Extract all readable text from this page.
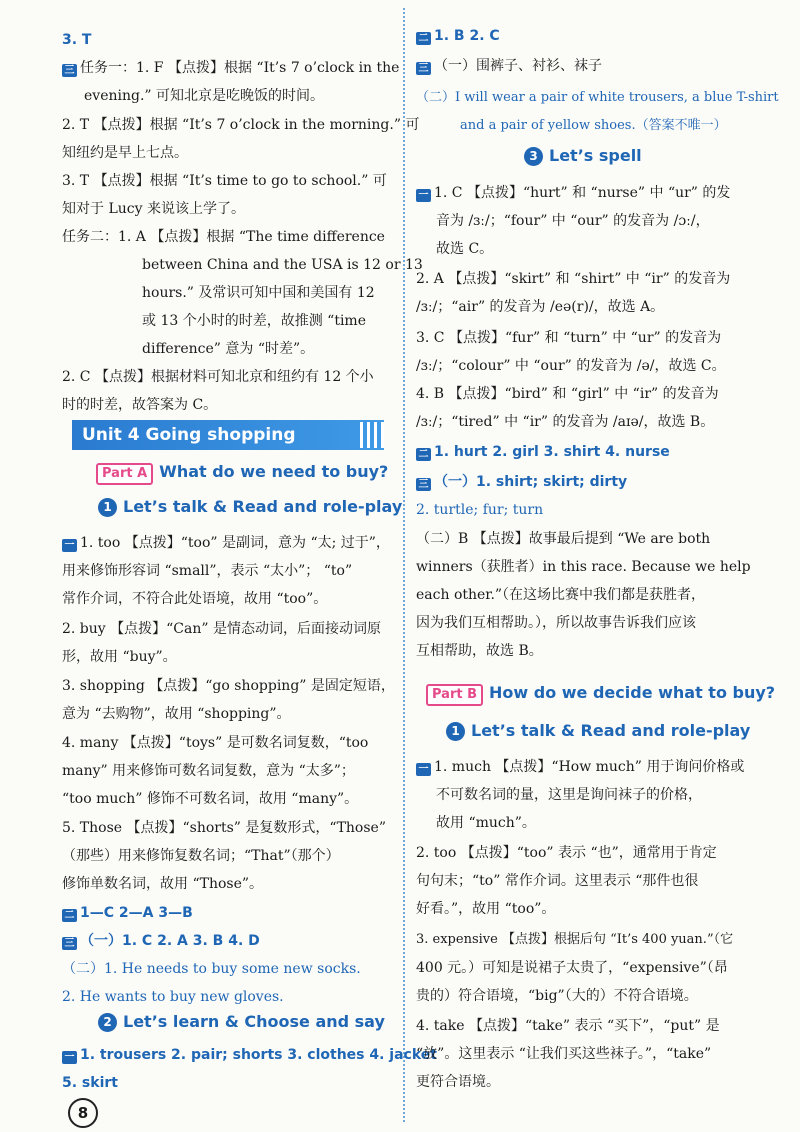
3. T
三 任务一：1. F 【点拨】根据 “It’s 7 o’clock in the
evening.” 可知北京是吃晚饭的时间。
2. T 【点拨】根据 “It’s 7 o’clock in the morning.” 可
知纽约是早上七点。
3. T 【点拨】根据 “It’s time to go to school.” 可
知对于 Lucy 来说该上学了。
任务二：1. A 【点拨】根据 “The time difference
between China and the USA is 12 or 13
hours.” 及常识可知中国和美国有 12
或 13 个小时的时差，故推测 “time
difference” 意为 “时差”。
2. C 【点拨】根据材料可知北京和纽约有 12 个小
时的时差，故答案为 C。
Unit 4 Going shopping
Part A What do we need to buy?
1 Let’s talk & Read and role-play
一 1. too 【点拨】“too” 是副词，意为 “太; 过于”，
用来修饰形容词 “small”，表示 “太小”； “to”
常作介词，不符合此处语境，故用 “too”。
2. buy 【点拨】“Can” 是情态动词，后面接动词原
形，故用 “buy”。
3. shopping 【点拨】“go shopping” 是固定短语，
意为 “去购物”，故用 “shopping”。
4. many 【点拨】“toys” 是可数名词复数，“too
many” 用来修饰可数名词复数，意为 “太多”；
“too much” 修饰不可数名词，故用 “many”。
5. Those 【点拨】“shorts” 是复数形式，“Those”
（那些）用来修饰复数名词；“That”（那个）
修饰单数名词，故用 “Those”。
二 1—C 2—A 3—B
三 （一）1. C 2. A 3. B 4. D
（二）1. He needs to buy some new socks.
2. He wants to buy new gloves.
2 Let’s learn & Choose and say
一 1. trousers 2. pair; shorts 3. clothes 4. jacket
5. skirt
二 1. B 2. C
三 （一）围裤子、衬衫、袜子
（二）I will wear a pair of white trousers, a blue T-shirt
and a pair of yellow shoes.（答案不唯一）
3 Let’s spell
一 1. C 【点拨】“hurt” 和 “nurse” 中 “ur” 的发
音为 /ɜː/；“four” 中 “our” 的发音为 /ɔː/，
故选 C。
2. A 【点拨】“skirt” 和 “shirt” 中 “ir” 的发音为
/ɜː/；“air” 的发音为 /eə(r)/，故选 A。
3. C 【点拨】“fur” 和 “turn” 中 “ur” 的发音为
/ɜː/；“colour” 中 “our” 的发音为 /ə/，故选 C。
4. B 【点拨】“bird” 和 “girl” 中 “ir” 的发音为
/ɜː/；“tired” 中 “ir” 的发音为 /aɪə/，故选 B。
二 1. hurt 2. girl 3. shirt 4. nurse
三 （一）1. shirt; skirt; dirty
2. turtle; fur; turn
（二）B 【点拨】故事最后提到 “We are both
winners（获胜者）in this race. Because we help
each other.”（在这场比赛中我们都是获胜者，
因为我们互相帮助。），所以故事告诉我们应该
互相帮助，故选 B。
Part B How do we decide what to buy?
1 Let’s talk & Read and role-play
一 1. much 【点拨】“How much” 用于询问价格或
不可数名词的量，这里是询问袜子的价格，
故用 “much”。
2. too 【点拨】“too” 表示 “也”，通常用于肯定
句句末；“to” 常作介词。这里表示 “那件也很
好看。”，故用 “too”。
3. expensive 【点拨】根据后句 “It’s 400 yuan.”（它
400 元。）可知是说裙子太贵了，“expensive”（昂
贵的）符合语境，“big”（大的）不符合语境。
4. take 【点拨】“take” 表示 “买下”，“put” 是
“放”。这里表示 “让我们买这些袜子。”，“take”
更符合语境。
8
